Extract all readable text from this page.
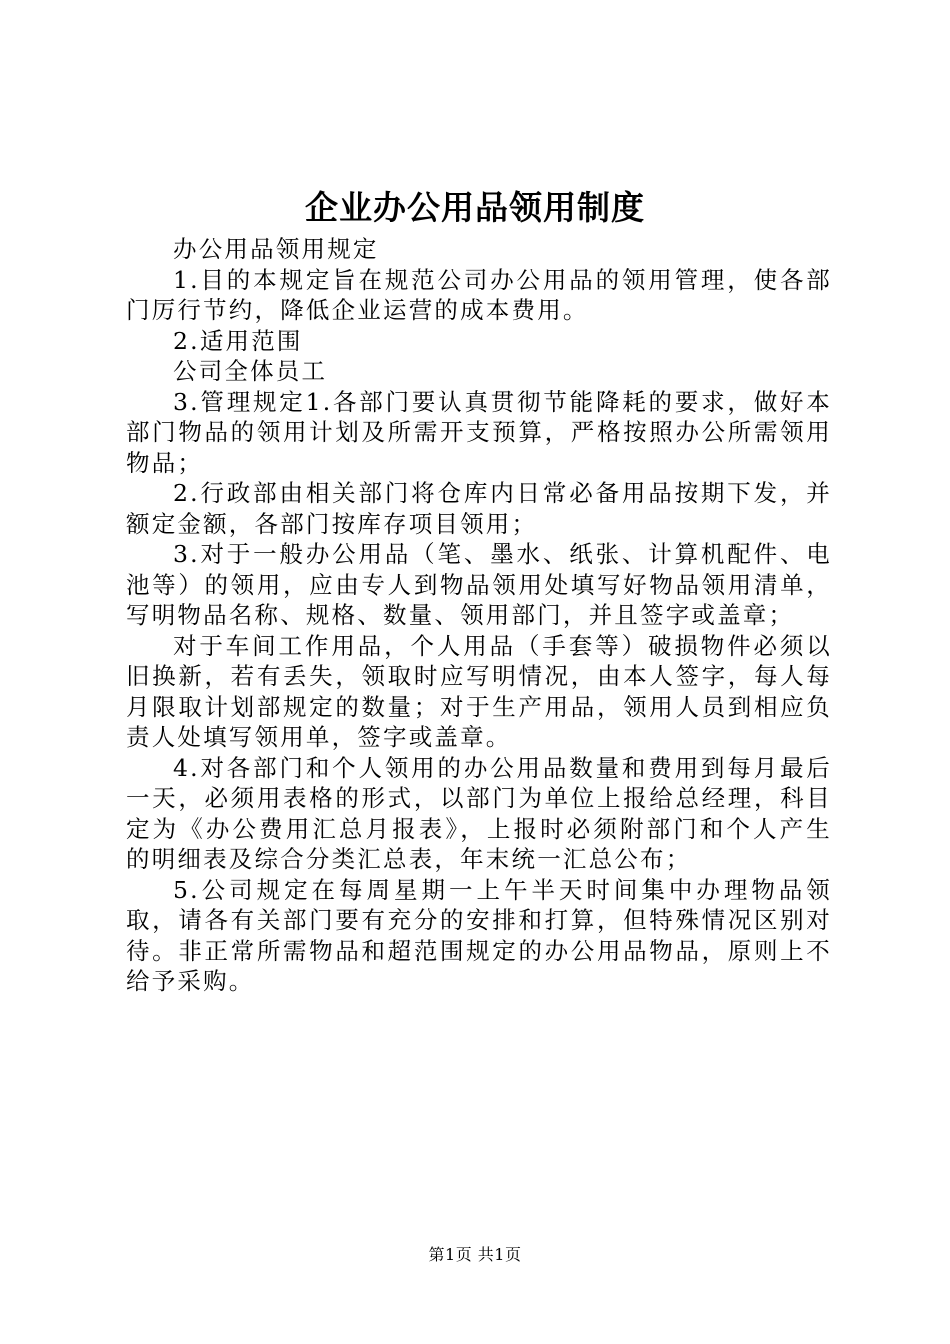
企业办公用品领用制度

办公用品领用规定

1.目的本规定旨在规范公司办公用品的领用管理，使各部门厉行节约，降低企业运营的成本费用。

2.适用范围

公司全体员工

3.管理规定1.各部门要认真贯彻节能降耗的要求，做好本部门物品的领用计划及所需开支预算，严格按照办公所需领用物品；

2.行政部由相关部门将仓库内日常必备用品按期下发，并额定金额，各部门按库存项目领用；

3.对于一般办公用品（笔、墨水、纸张、计算机配件、电池等）的领用，应由专人到物品领用处填写好物品领用清单，写明物品名称、规格、数量、领用部门，并且签字或盖章；

对于车间工作用品，个人用品（手套等）破损物件必须以旧换新，若有丢失，领取时应写明情况，由本人签字，每人每月限取计划部规定的数量；对于生产用品，领用人员到相应负责人处填写领用单，签字或盖章。

4.对各部门和个人领用的办公用品数量和费用到每月最后一天，必须用表格的形式，以部门为单位上报给总经理，科目定为《办公费用汇总月报表》，上报时必须附部门和个人产生的明细表及综合分类汇总表，年末统一汇总公布；

5.公司规定在每周星期一上午半天时间集中办理物品领取，请各有关部门要有充分的安排和打算，但特殊情况区别对待。非正常所需物品和超范围规定的办公用品物品，原则上不给予采购。

第1页 共1页
